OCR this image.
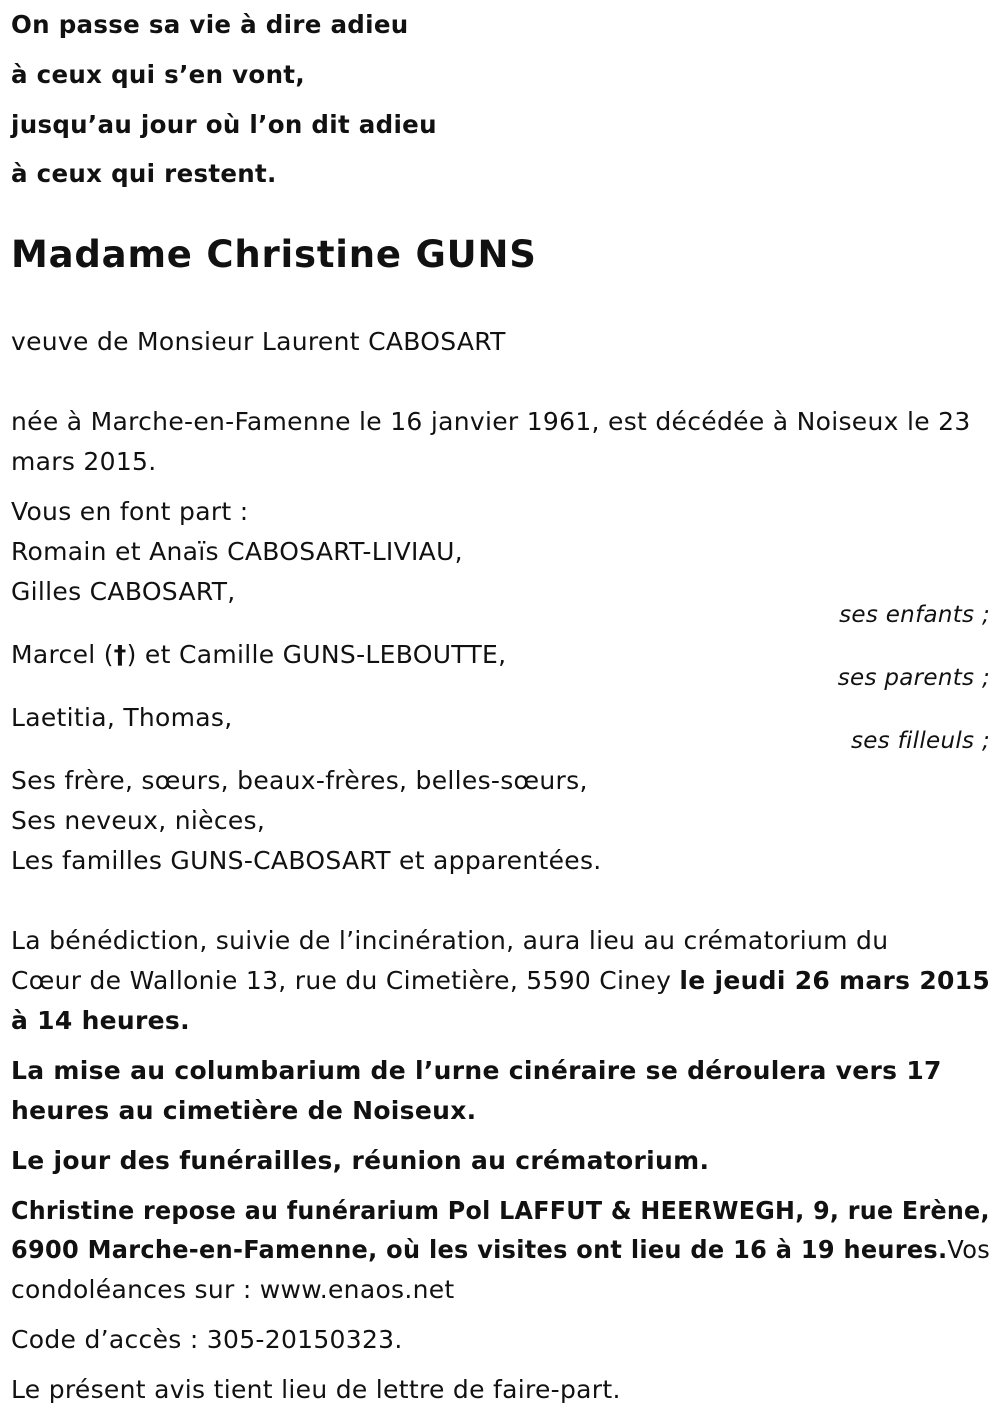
On passe sa vie à dire adieu
à ceux qui s’en vont,
jusqu’au jour où l’on dit adieu
à ceux qui restent.
Madame Christine GUNS
veuve de Monsieur Laurent CABOSART
née à Marche-en-Famenne le 16 janvier 1961, est décédée à Noiseux le 23
mars 2015.
Vous en font part :
Romain et Anaïs CABOSART-LIVIAU,
Gilles CABOSART,
ses enfants ;
Marcel (†) et Camille GUNS-LEBOUTTE,
ses parents ;
Laetitia, Thomas,
ses filleuls ;
Ses frère, sœurs, beaux-frères, belles-sœurs,
Ses neveux, nièces,
Les familles GUNS-CABOSART et apparentées.
La bénédiction, suivie de l’incinération, aura lieu au crématorium du
Cœur de Wallonie 13, rue du Cimetière, 5590 Ciney le jeudi 26 mars 2015
à 14 heures.
La mise au columbarium de l’urne cinéraire se déroulera vers 17
heures au cimetière de Noiseux.
Le jour des funérailles, réunion au crématorium.
Christine repose au funérarium Pol LAFFUT & HEERWEGH, 9, rue Erène,
6900 Marche-en-Famenne, où les visites ont lieu de 16 à 19 heures.Vos
condoléances sur : www.enaos.net
Code d’accès : 305-20150323.
Le présent avis tient lieu de lettre de faire-part.
